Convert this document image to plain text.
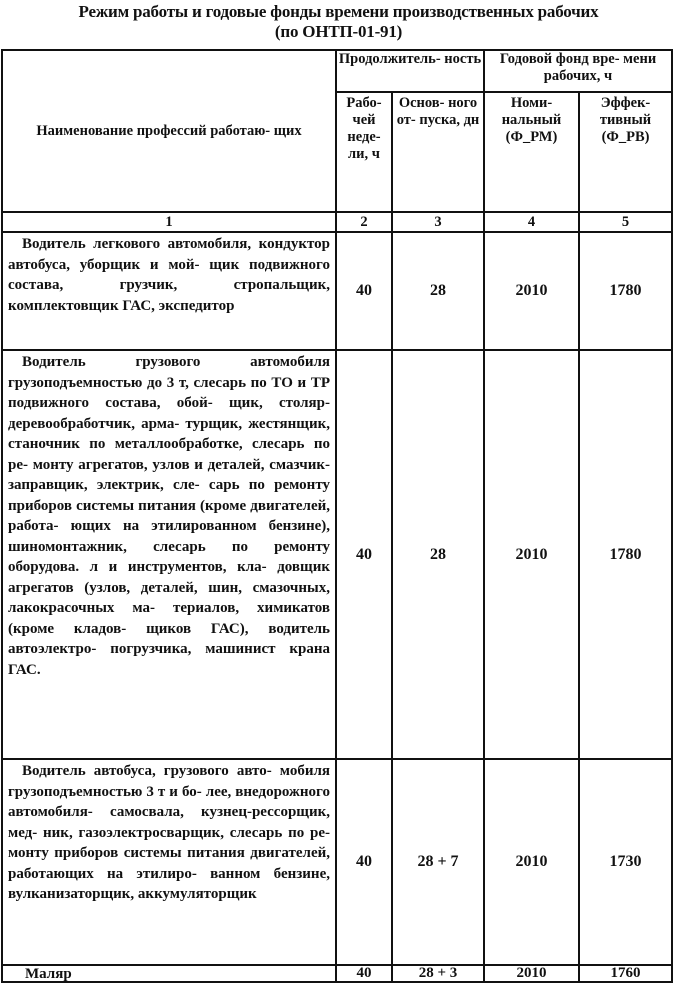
Режим работы и годовые фонды времени производственных рабочих
(по ОНТП-01-91)
Наименование профессий работаю- щих	Продолжитель- ность		Годовой фонд вре- мени рабочих, ч	
	Рабо- чей неде- ли, ч	Основ- ного от- пуска, дн	Номи- нальный (Ф_РМ)	Эффек- тивный (Ф_РВ)
1	2	3	4	5
Водитель легкового автомобиля, кондуктор автобуса, уборщик и мой- щик подвижного состава, грузчик, стропальщик, комплектовщик ГАС, экспедитор	40	28	2010	1780
Водитель грузового автомобиля грузоподъемностью до 3 т, слесарь по ТО и ТР подвижного состава, обой- щик, столяр-деревообработчик, арма- турщик, жестянщик, станочник по металлообработке, слесарь по ре- монту агрегатов, узлов и деталей, смазчик-заправщик, электрик, сле- сарь по ремонту приборов системы питания (кроме двигателей, работа- ющих на этилированном бензине), шиномонтажник, слесарь по ремонту оборудова. л и инструментов, кла- довщик агрегатов (узлов, деталей, шин, смазочных, лакокрасочных ма- териалов, химикатов (кроме кладов- щиков ГАС), водитель автоэлектро- погрузчика, машинист крана ГАС.	40	28	2010	1780
Водитель автобуса, грузового авто- мобиля грузоподъемностью 3 т и бо- лее, внедорожного автомобиля- самосвала, кузнец-рессорщик, мед- ник, газоэлектросварщик, слесарь по ре-монту приборов системы питания двигателей, работающих на этилиро- ванном бензине, вулканизаторщик, аккумуляторщик	40	28 + 7	2010	1730
Маляр	40	28 + 3	2010	1760
